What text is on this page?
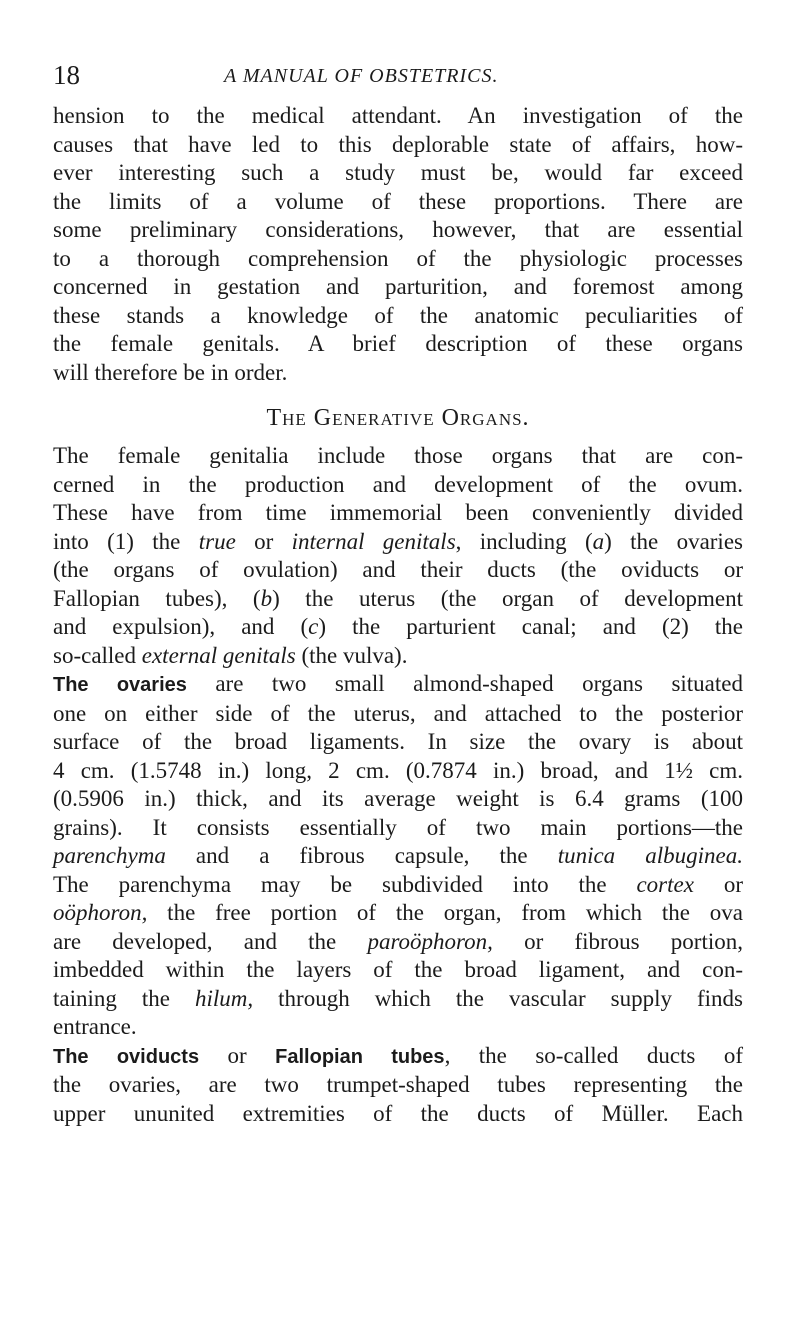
18	A MANUAL OF OBSTETRICS.

hension to the medical attendant. An investigation of the
causes that have led to this deplorable state of affairs, how-
ever interesting such a study must be, would far exceed
the limits of a volume of these proportions. There are
some preliminary considerations, however, that are essential
to a thorough comprehension of the physiologic processes
concerned in gestation and parturition, and foremost among
these stands a knowledge of the anatomic peculiarities of
the female genitals. A brief description of these organs
will therefore be in order.

The Generative Organs.

The female genitalia include those organs that are con-
cerned in the production and development of the ovum.
These have from time immemorial been conveniently divided
into (1) the true or internal genitals, including (a) the ovaries
(the organs of ovulation) and their ducts (the oviducts or
Fallopian tubes), (b) the uterus (the organ of development
and expulsion), and (c) the parturient canal; and (2) the
so-called external genitals (the vulva).

The ovaries are two small almond-shaped organs situated
one on either side of the uterus, and attached to the posterior
surface of the broad ligaments. In size the ovary is about
4 cm. (1.5748 in.) long, 2 cm. (0.7874 in.) broad, and 1½ cm.
(0.5906 in.) thick, and its average weight is 6.4 grams (100
grains). It consists essentially of two main portions—the
parenchyma and a fibrous capsule, the tunica albuginea.
The parenchyma may be subdivided into the cortex or
oöphoron, the free portion of the organ, from which the ova
are developed, and the paroöphoron, or fibrous portion,
imbedded within the layers of the broad ligament, and con-
taining the hilum, through which the vascular supply finds
entrance.

The oviducts or Fallopian tubes, the so-called ducts of
the ovaries, are two trumpet-shaped tubes representing the
upper ununited extremities of the ducts of Müller. Each
